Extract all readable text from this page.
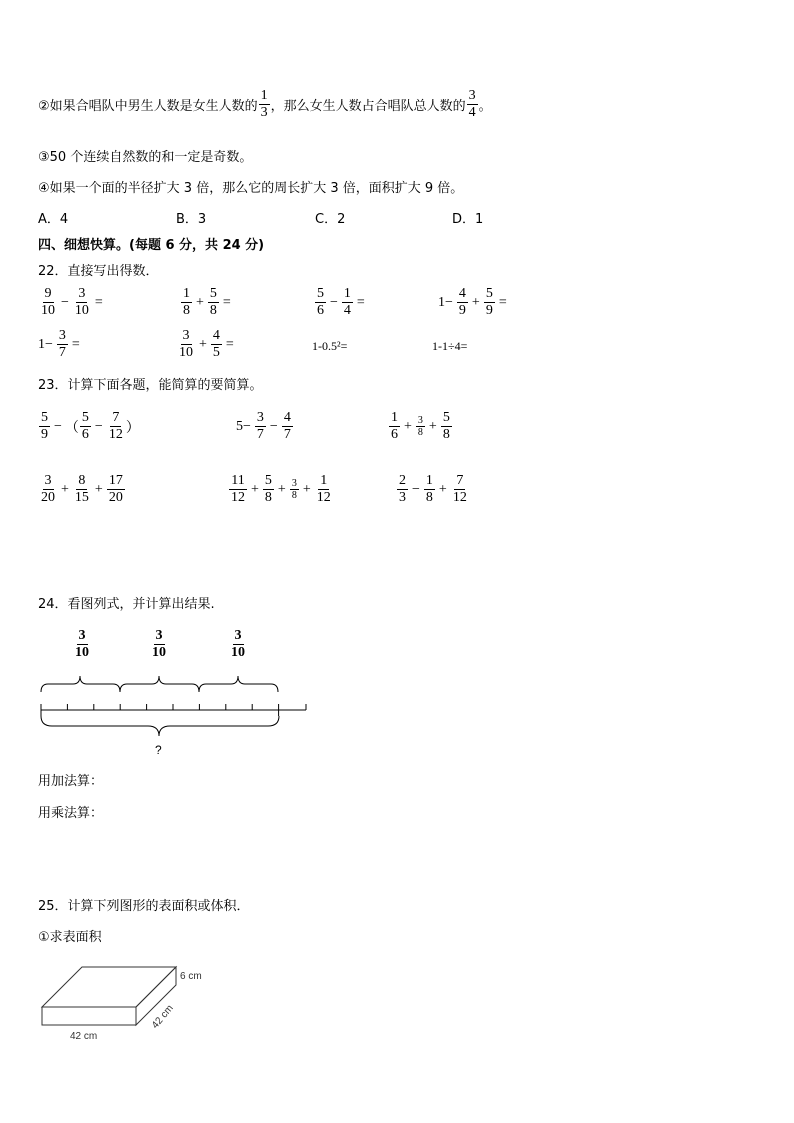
②如果合唱队中男生人数是女生人数的 $\frac{1}{3}$ ，那么女生人数占合唱队总人数的 $\frac{3}{4}$ 。
③50 个连续自然数的和一定是奇数。
④如果一个面的半径扩大 3 倍，那么它的周长扩大 3 倍，面积扩大 9 倍。
A．4	B．3	C．2	D．1
四、细想快算。(每题 6 分，共 24 分)
22．直接写出得数．
$\frac{9}{10} - \frac{3}{10}$ =	$\frac{1}{8} + \frac{5}{8}$ =	$\frac{5}{6} - \frac{1}{4}$ =	$1- \frac{4}{9} + \frac{5}{9}$ =
$1- \frac{3}{7}$ =	$\frac{3}{10} + \frac{4}{5}$ =	1-0.5²=	1-1÷4=
23．计算下面各题，能简算的要简算。
$\frac{5}{9}$ − （ $\frac{5}{6} - \frac{7}{12}$ ）	$5- \frac{3}{7} - \frac{4}{7}$	$\frac{1}{6} + \frac{3}{8} + \frac{5}{8}$
$\frac{3}{20} + \frac{8}{15} + \frac{17}{20}$	$\frac{11}{12} + \frac{5}{8} + \frac{3}{8} + \frac{1}{12}$	$\frac{2}{3} - \frac{1}{8} + \frac{7}{12}$
24．看图列式，并计算出结果.
$\frac{3}{10}$	$\frac{3}{10}$	$\frac{3}{10}$
?
用加法算：
用乘法算：
25．计算下列图形的表面积或体积．
①求表面积
6 cm
42 cm
42 cm
